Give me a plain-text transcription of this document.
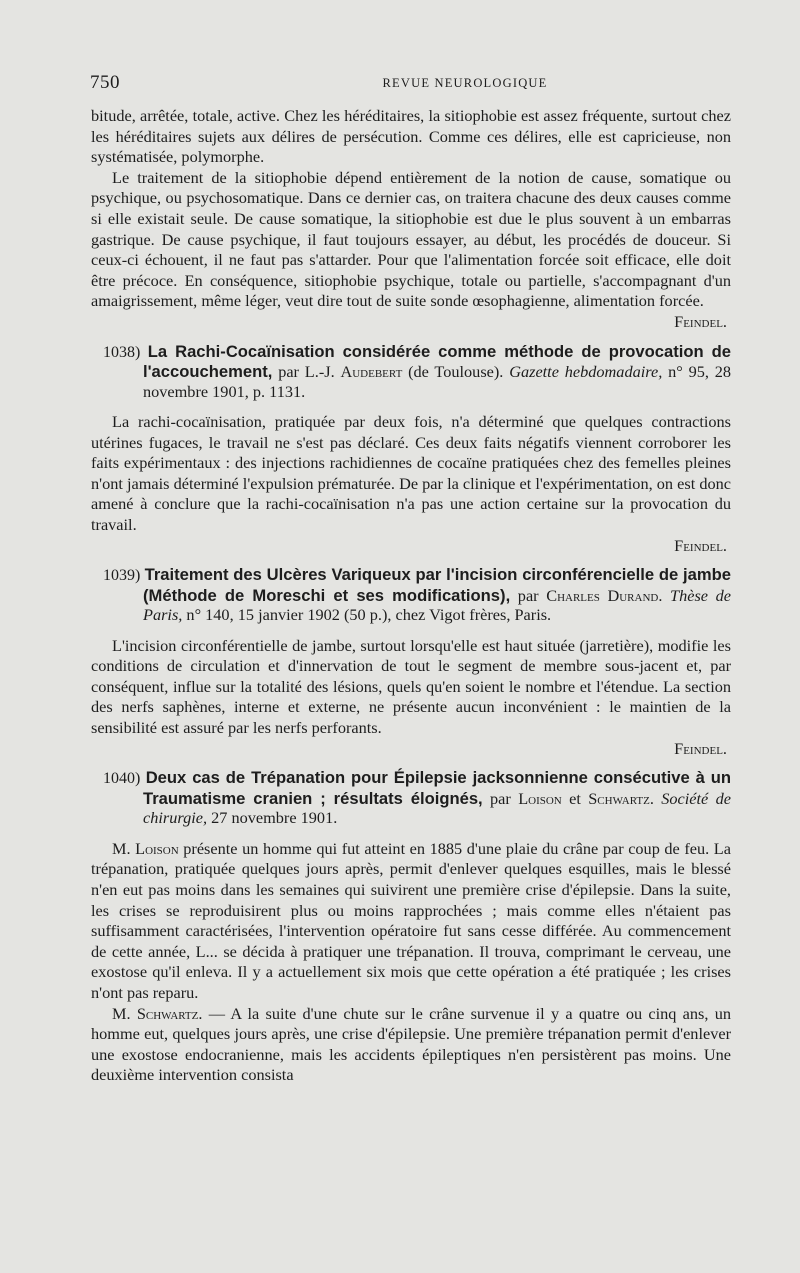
750	REVUE NEUROLOGIQUE

bitude, arrêtée, totale, active. Chez les héréditaires, la sitiophobie est assez fréquente, surtout chez les héréditaires sujets aux délires de persécution. Comme ces délires, elle est capricieuse, non systématisée, polymorphe.

Le traitement de la sitiophobie dépend entièrement de la notion de cause, somatique ou psychique, ou psychosomatique. Dans ce dernier cas, on traitera chacune des deux causes comme si elle existait seule. De cause somatique, la sitiophobie est due le plus souvent à un embarras gastrique. De cause psychique, il faut toujours essayer, au début, les procédés de douceur. Si ceux-ci échouent, il ne faut pas s'attarder. Pour que l'alimentation forcée soit efficace, elle doit être précoce. En conséquence, sitiophobie psychique, totale ou partielle, s'accompagnant d'un amaigrissement, même léger, veut dire tout de suite sonde œsophagienne, alimentation forcée.
Feindel.

1038) La Rachi-Cocaïnisation considérée comme méthode de provocation de l'accouchement, par L.-J. Audebert (de Toulouse). Gazette hebdomadaire, n° 95, 28 novembre 1901, p. 1131.

La rachi-cocaïnisation, pratiquée par deux fois, n'a déterminé que quelques contractions utérines fugaces, le travail ne s'est pas déclaré. Ces deux faits négatifs viennent corroborer les faits expérimentaux : des injections rachidiennes de cocaïne pratiquées chez des femelles pleines n'ont jamais déterminé l'expulsion prématurée. De par la clinique et l'expérimentation, on est donc amené à conclure que la rachi-cocaïnisation n'a pas une action certaine sur la provocation du travail.
Feindel.

1039) Traitement des Ulcères Variqueux par l'incision circonférencielle de jambe (Méthode de Moreschi et ses modifications), par Charles Durand. Thèse de Paris, n° 140, 15 janvier 1902 (50 p.), chez Vigot frères, Paris.

L'incision circonférentielle de jambe, surtout lorsqu'elle est haut située (jarretière), modifie les conditions de circulation et d'innervation de tout le segment de membre sous-jacent et, par conséquent, influe sur la totalité des lésions, quels qu'en soient le nombre et l'étendue. La section des nerfs saphènes, interne et externe, ne présente aucun inconvénient : le maintien de la sensibilité est assuré par les nerfs perforants.
Feindel.

1040) Deux cas de Trépanation pour Épilepsie jacksonnienne consécutive à un Traumatisme cranien ; résultats éloignés, par Loison et Schwartz. Société de chirurgie, 27 novembre 1901.

M. Loison présente un homme qui fut atteint en 1885 d'une plaie du crâne par coup de feu. La trépanation, pratiquée quelques jours après, permit d'enlever quelques esquilles, mais le blessé n'en eut pas moins dans les semaines qui suivirent une première crise d'épilepsie. Dans la suite, les crises se reproduisirent plus ou moins rapprochées ; mais comme elles n'étaient pas suffisamment caractérisées, l'intervention opératoire fut sans cesse différée. Au commencement de cette année, L... se décida à pratiquer une trépanation. Il trouva, comprimant le cerveau, une exostose qu'il enleva. Il y a actuellement six mois que cette opération a été pratiquée ; les crises n'ont pas reparu.

M. Schwartz. — A la suite d'une chute sur le crâne survenue il y a quatre ou cinq ans, un homme eut, quelques jours après, une crise d'épilepsie. Une première trépanation permit d'enlever une exostose endocranienne, mais les accidents épileptiques n'en persistèrent pas moins. Une deuxième intervention consista
